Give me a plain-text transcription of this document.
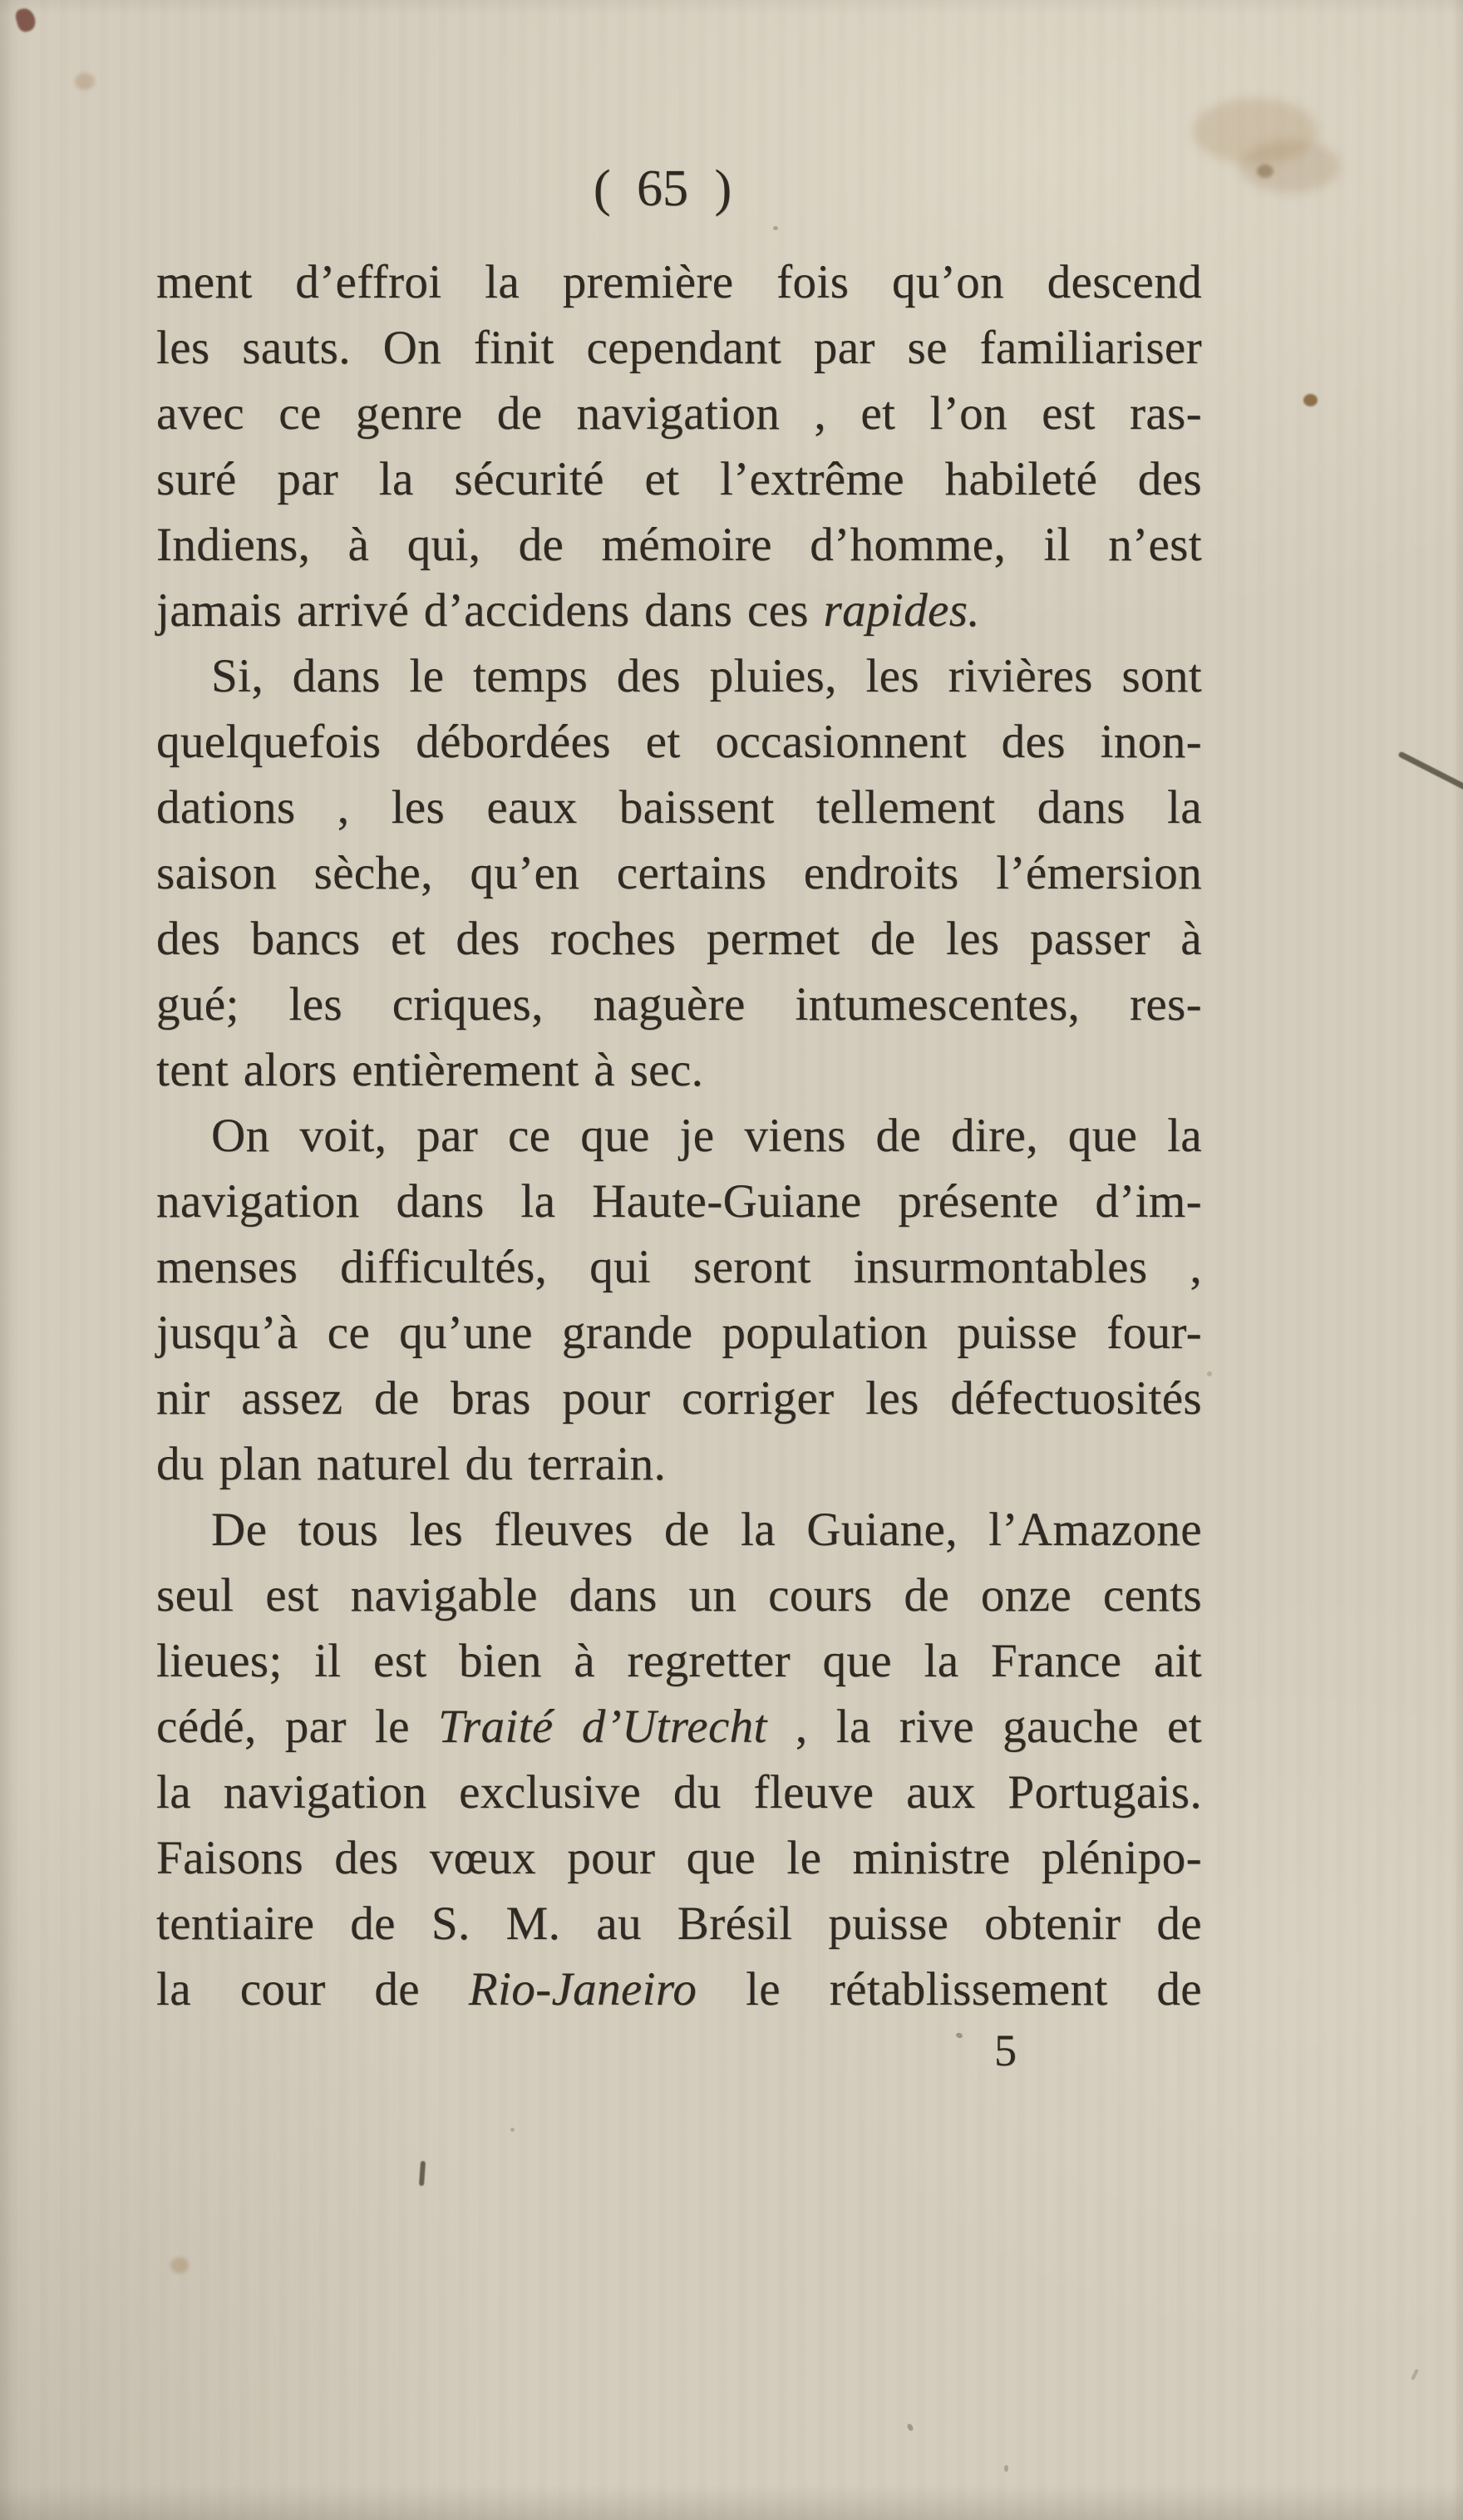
( 65 )
ment d’effroi la première fois qu’on descend
les sauts. On finit cependant par se familiariser
avec ce genre de navigation , et l’on est ras-
suré par la sécurité et l’extrême habileté des
Indiens, à qui, de mémoire d’homme, il n’est
jamais arrivé d’accidens dans ces rapides.
Si, dans le temps des pluies, les rivières sont
quelquefois débordées et occasionnent des inon-
dations , les eaux baissent tellement dans la
saison sèche, qu’en certains endroits l’émersion
des bancs et des roches permet de les passer à
gué; les criques, naguère intumescentes, res-
tent alors entièrement à sec.
On voit, par ce que je viens de dire, que la
navigation dans la Haute-Guiane présente d’im-
menses difficultés, qui seront insurmontables ,
jusqu’à ce qu’une grande population puisse four-
nir assez de bras pour corriger les défectuosités
du plan naturel du terrain.
De tous les fleuves de la Guiane, l’Amazone
seul est navigable dans un cours de onze cents
lieues; il est bien à regretter que la France ait
cédé, par le Traité d’Utrecht , la rive gauche et
la navigation exclusive du fleuve aux Portugais.
Faisons des vœux pour que le ministre plénipo-
tentiaire de S. M. au Brésil puisse obtenir de
la cour de Rio-Janeiro le rétablissement de
5
